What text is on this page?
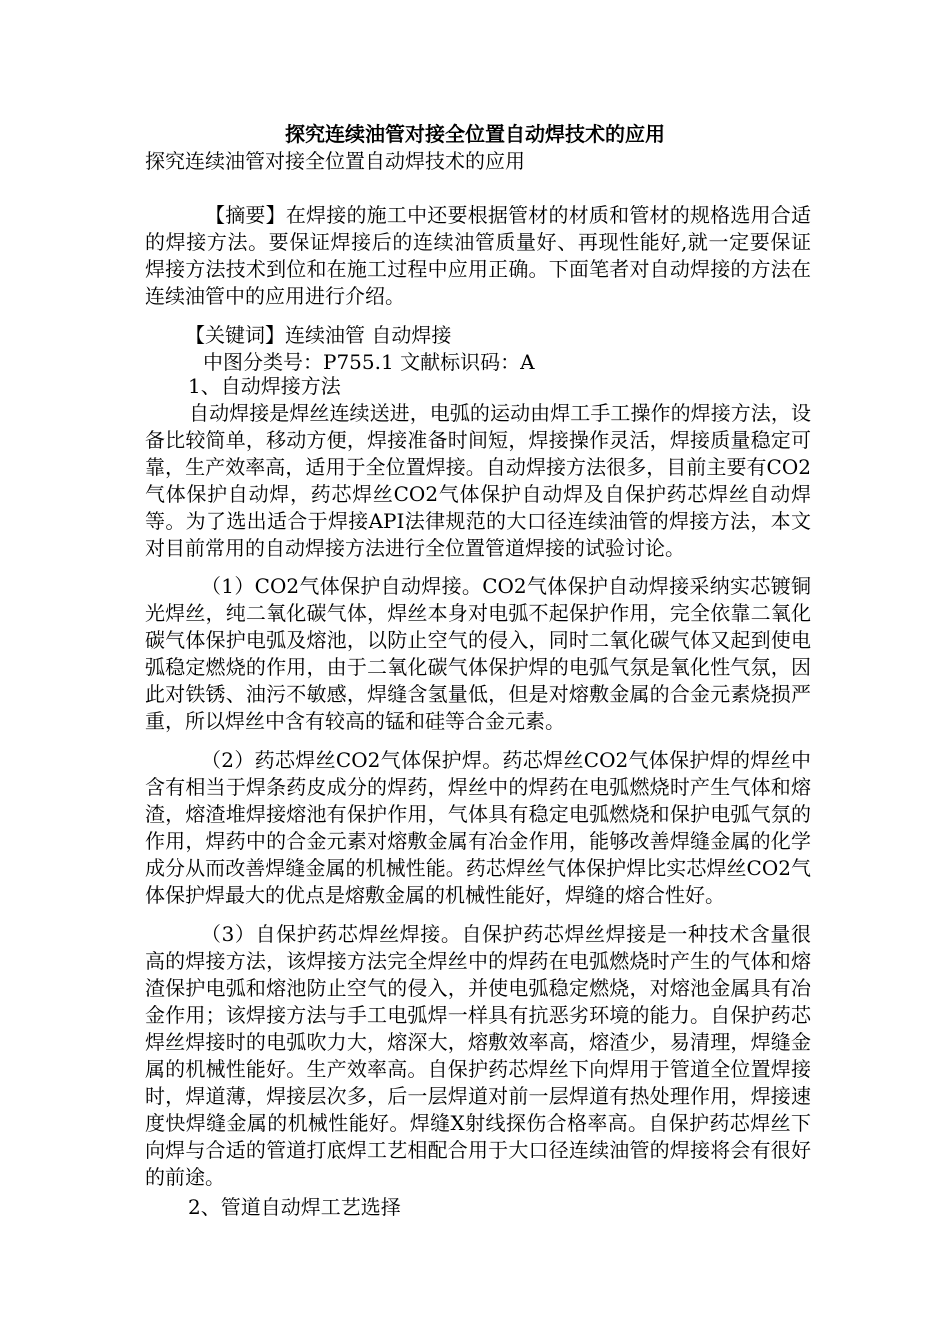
探究连续油管对接全位置自动焊技术的应用
探究连续油管对接全位置自动焊技术的应用
【摘要】在焊接的施工中还要根据管材的材质和管材的规格选用合适的焊接方法。要保证焊接后的连续油管质量好、再现性能好,就一定要保证焊接方法技术到位和在施工过程中应用正确。下面笔者对自动焊接的方法在连续油管中的应用进行介绍。
【关键词】连续油管 自动焊接
中图分类号：P755.1 文献标识码：A
1、自动焊接方法
自动焊接是焊丝连续送进，电弧的运动由焊工手工操作的焊接方法，设备比较简单，移动方便，焊接准备时间短，焊接操作灵活，焊接质量稳定可靠，生产效率高，适用于全位置焊接。自动焊接方法很多，目前主要有CO2气体保护自动焊，药芯焊丝CO2气体保护自动焊及自保护药芯焊丝自动焊等。为了选出适合于焊接API法律规范的大口径连续油管的焊接方法，本文对目前常用的自动焊接方法进行全位置管道焊接的试验讨论。
（1）CO2气体保护自动焊接。CO2气体保护自动焊接采纳实芯镀铜光焊丝，纯二氧化碳气体，焊丝本身对电弧不起保护作用，完全依靠二氧化碳气体保护电弧及熔池，以防止空气的侵入，同时二氧化碳气体又起到使电弧稳定燃烧的作用，由于二氧化碳气体保护焊的电弧气氛是氧化性气氛，因此对铁锈、油污不敏感，焊缝含氢量低，但是对熔敷金属的合金元素烧损严重，所以焊丝中含有较高的锰和硅等合金元素。
（2）药芯焊丝CO2气体保护焊。药芯焊丝CO2气体保护焊的焊丝中含有相当于焊条药皮成分的焊药，焊丝中的焊药在电弧燃烧时产生气体和熔渣，熔渣堆焊接熔池有保护作用，气体具有稳定电弧燃烧和保护电弧气氛的作用，焊药中的合金元素对熔敷金属有冶金作用，能够改善焊缝金属的化学成分从而改善焊缝金属的机械性能。药芯焊丝气体保护焊比实芯焊丝CO2气体保护焊最大的优点是熔敷金属的机械性能好，焊缝的熔合性好。
（3）自保护药芯焊丝焊接。自保护药芯焊丝焊接是一种技术含量很高的焊接方法，该焊接方法完全焊丝中的焊药在电弧燃烧时产生的气体和熔渣保护电弧和熔池防止空气的侵入，并使电弧稳定燃烧，对熔池金属具有冶金作用；该焊接方法与手工电弧焊一样具有抗恶劣环境的能力。自保护药芯焊丝焊接时的电弧吹力大，熔深大，熔敷效率高，熔渣少，易清理，焊缝金属的机械性能好。生产效率高。自保护药芯焊丝下向焊用于管道全位置焊接时，焊道薄，焊接层次多，后一层焊道对前一层焊道有热处理作用，焊接速度快焊缝金属的机械性能好。焊缝X射线探伤合格率高。自保护药芯焊丝下向焊与合适的管道打底焊工艺相配合用于大口径连续油管的焊接将会有很好的前途。
2、管道自动焊工艺选择
